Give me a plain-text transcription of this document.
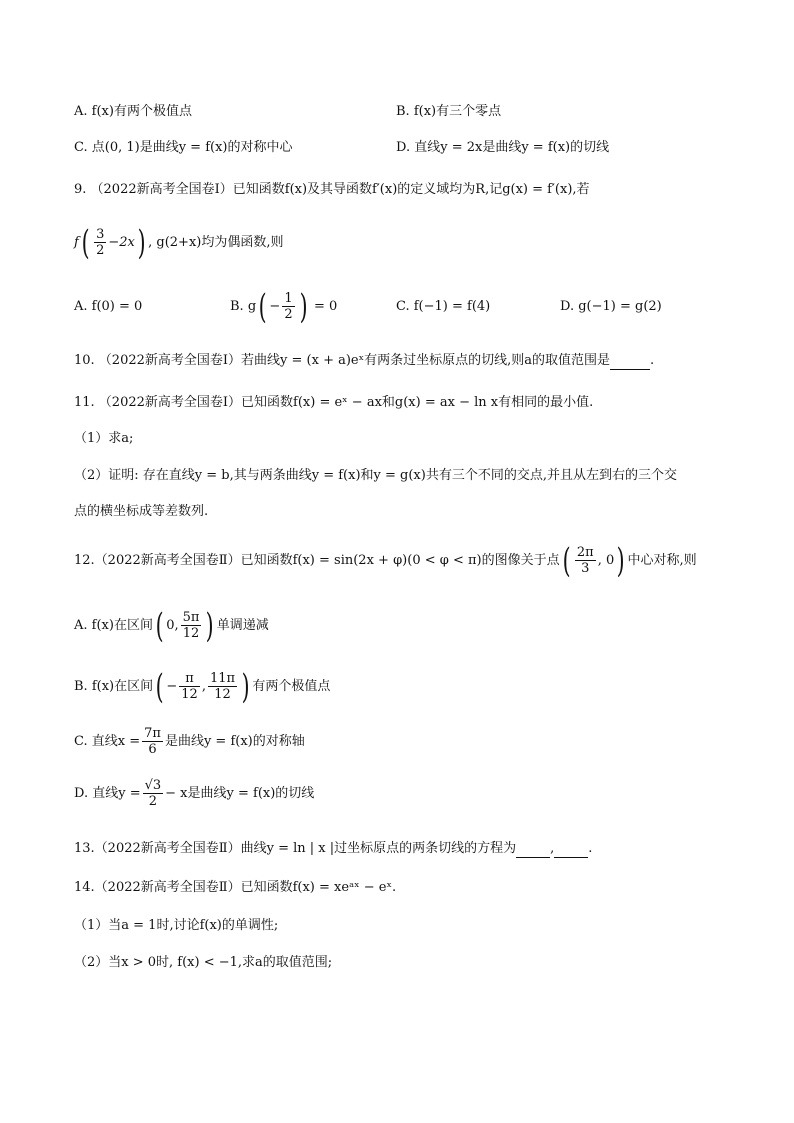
A. f(x)有两个极值点	B. f(x)有三个零点
C. 点(0, 1)是曲线y = f(x)的对称中心	D. 直线y = 2x是曲线y = f(x)的切线
9. （2022新高考全国卷Ⅰ）已知函数f(x)及其导函数f′(x)的定义域均为R,记g(x) = f′(x),若
$f( \frac{3}{2} -2x)$ , g(2+x)均为偶函数,则
A. f(0) = 0	B. $g( - \frac{1}{2}$ ) = 0	C. f(−1) = f(4)	D. g(−1) = g(2)
10. （2022新高考全国卷Ⅰ）若曲线y = (x + a)eˣ有两条过坐标原点的切线,则a的取值范围是	.
11. （2022新高考全国卷Ⅰ）已知函数f(x) = eˣ − ax和g(x) = ax − ln x有相同的最小值.
（1）求a;
（2）证明: 存在直线y = b,其与两条曲线y = f(x)和y = g(x)共有三个不同的交点,并且从左到右的三个交
点的横坐标成等差数列.
12.（2022新高考全国卷Ⅱ）已知函数f(x) = sin(2x + φ)(0 < φ < π)的图像关于点( $\frac{2\pi}{3}$ , 0) 中心对称,则
A. f(x)在区间( 0, $\frac{5\pi}{12}$ ) 单调递减
B. f(x)在区间( − $\frac{\pi}{12}$ , $\frac{11\pi}{12}$ ) 有两个极值点
C. 直线$x = \frac{7\pi}{6}$ 是曲线y = f(x)的对称轴
D. 直线$y = \frac{√3}{2} - x$是曲线y = f(x)的切线
13.（2022新高考全国卷Ⅱ）曲线y = ln | x |过坐标原点的两条切线的方程为	,	.
14.（2022新高考全国卷Ⅱ）已知函数f(x) = xeᵃˣ − eˣ.
（1）当a = 1时,讨论f(x)的单调性;
（2）当x > 0时, f(x) < −1,求a的取值范围;
